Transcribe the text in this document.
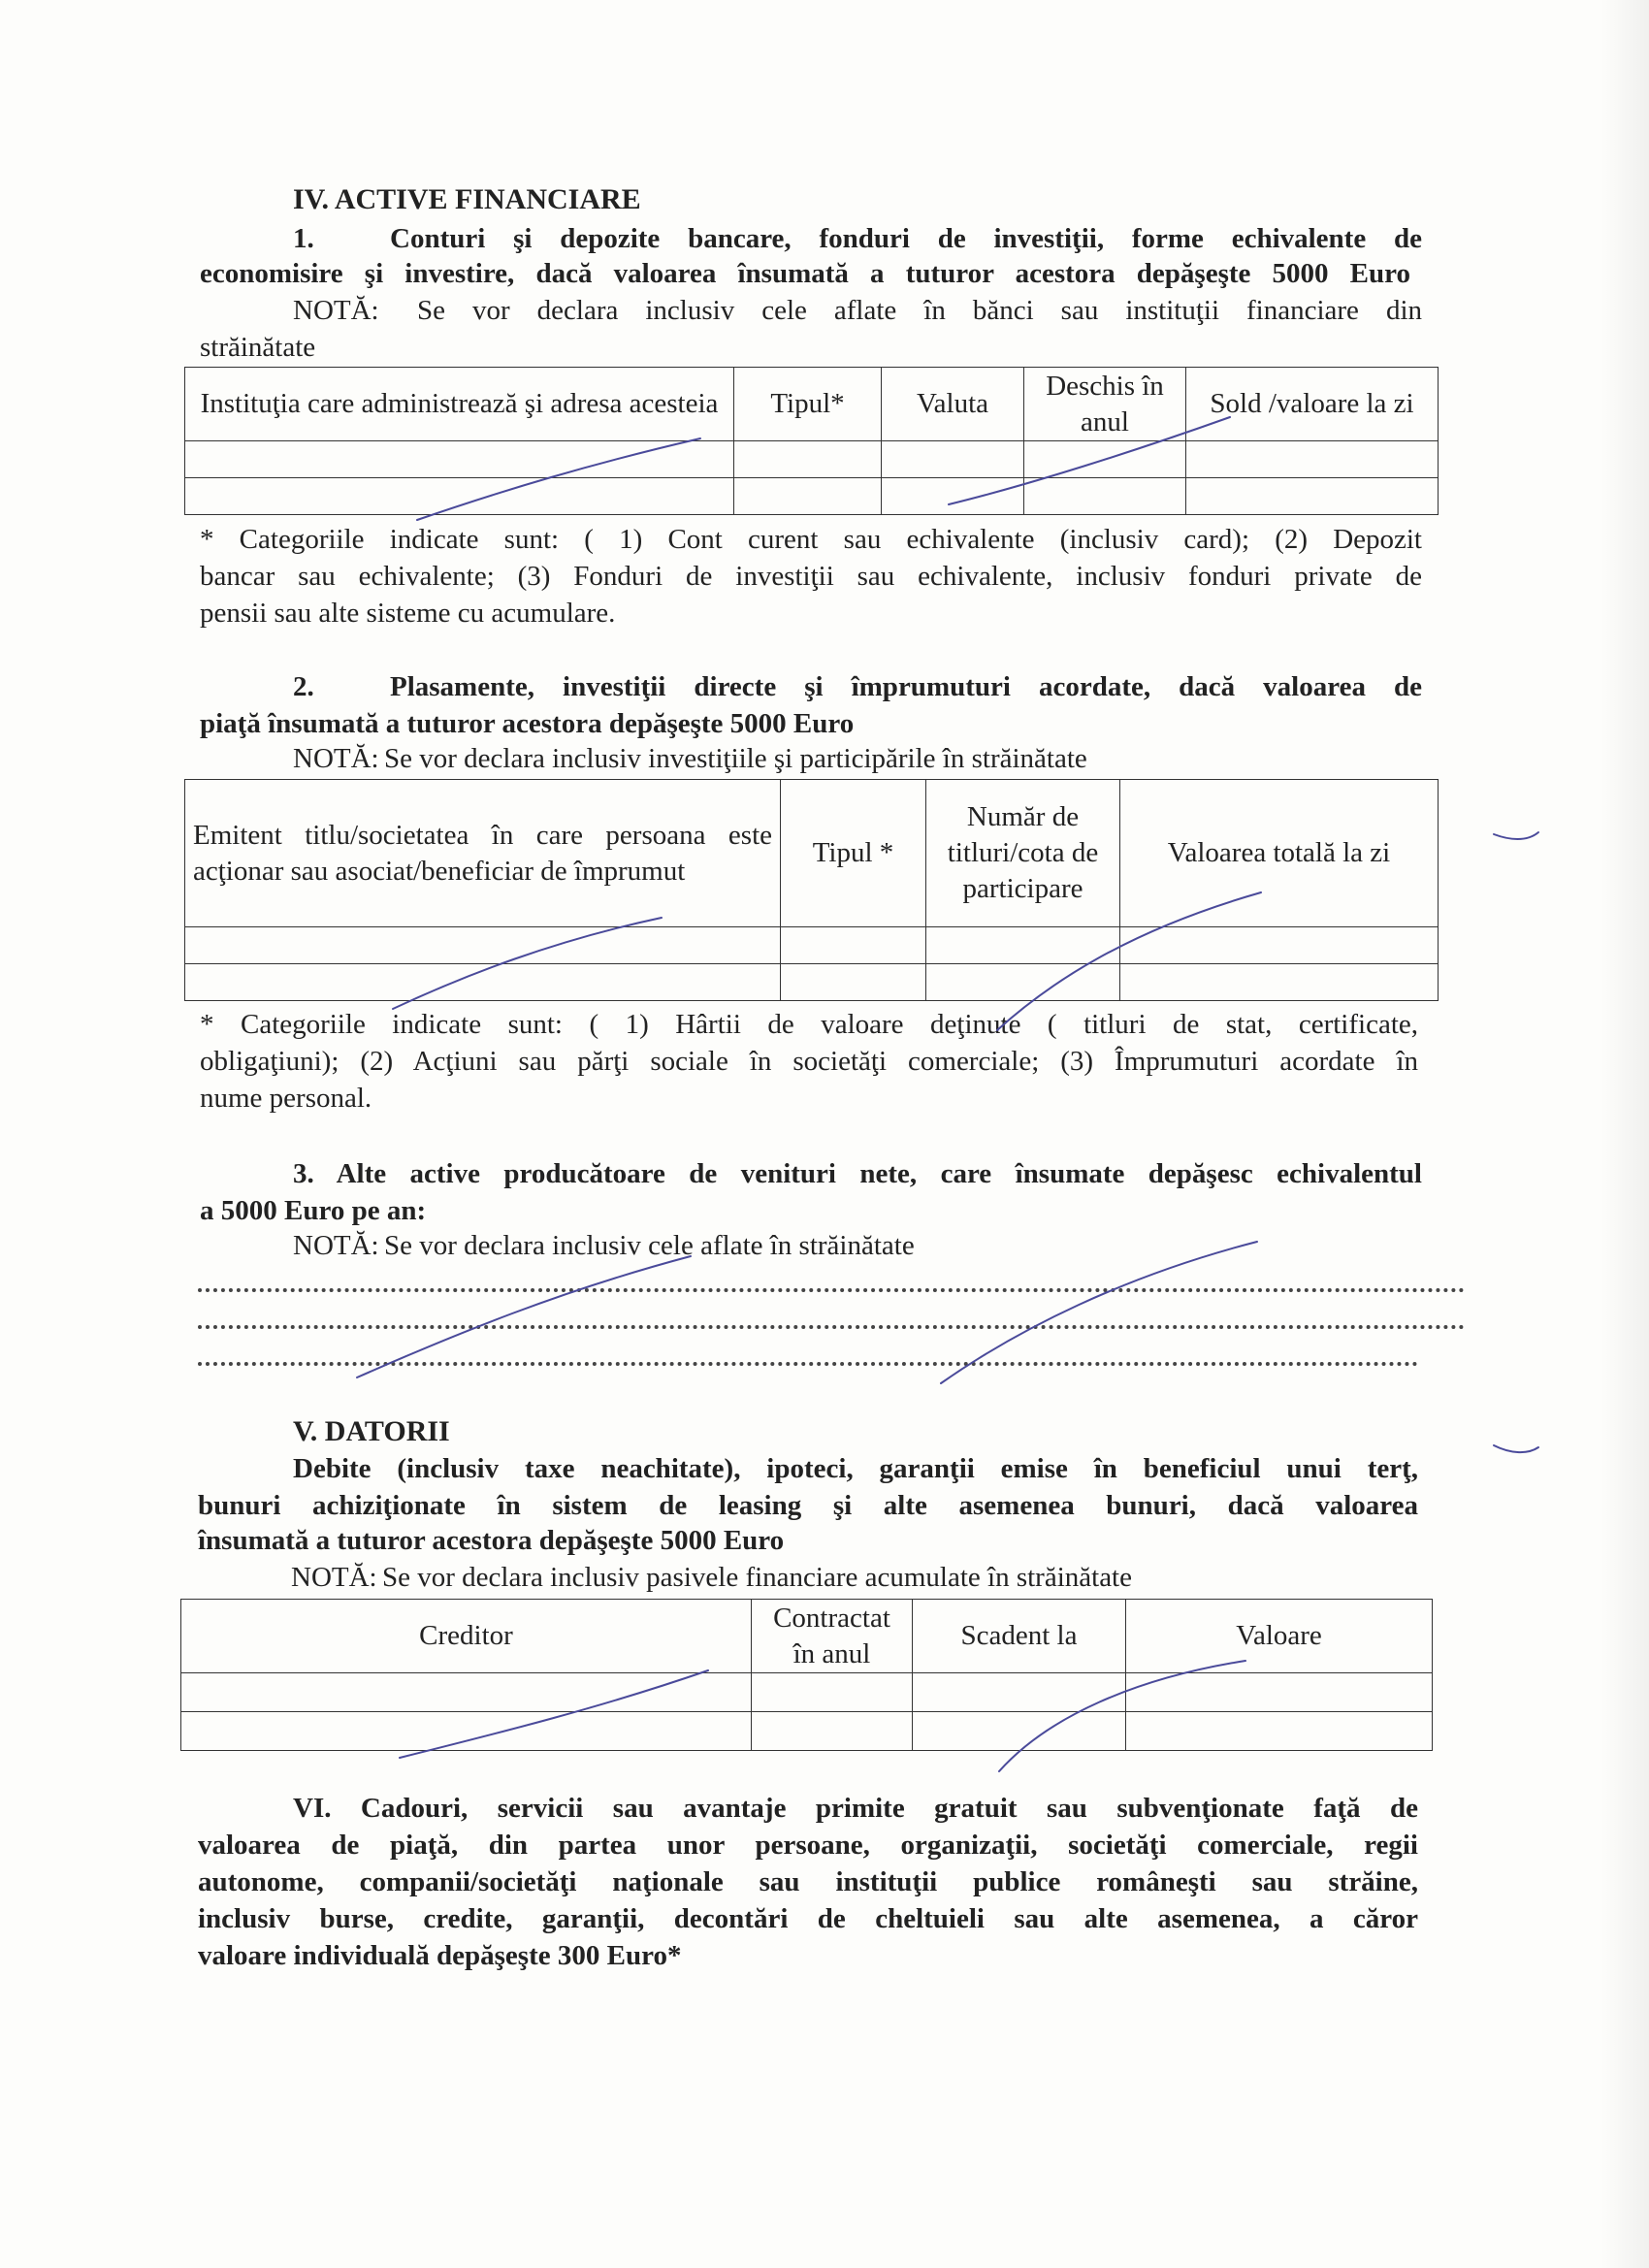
IV. ACTIVE FINANCIARE
1.	Conturi şi depozite bancare, fonduri de investiţii, forme echivalente de
economisire şi investire, dacă valoarea însumată a tuturor acestora depăşeşte 5000 Euro
NOTĂ: Se vor declara inclusiv cele aflate în bănci sau instituţii financiare din
străinătate
Instituţia care administrează şi adresa acesteia	Tipul*	Valuta	Deschis în anul	Sold /valoare la zi

* Categoriile indicate sunt: ( 1) Cont curent sau echivalente (inclusiv card); (2) Depozit
bancar sau echivalente; (3) Fonduri de investiţii sau echivalente, inclusiv fonduri private de
pensii sau alte sisteme cu acumulare.
2.	Plasamente, investiţii directe şi împrumuturi acordate, dacă valoarea de
piaţă însumată a tuturor acestora depăşeşte 5000 Euro
NOTĂ: Se vor declara inclusiv investiţiile şi participările în străinătate
Emitent titlu/societatea în care persoana este acţionar sau asociat/beneficiar de împrumut	Tipul *	Număr de titluri/cota de participare	Valoarea totală la zi

* Categoriile indicate sunt: ( 1) Hârtii de valoare deţinute ( titluri de stat, certificate,
obligaţiuni); (2) Acţiuni sau părţi sociale în societăţi comerciale; (3) Împrumuturi acordate în
nume personal.
3. Alte active producătoare de venituri nete, care însumate depăşesc echivalentul
a 5000 Euro pe an:
NOTĂ: Se vor declara inclusiv cele aflate în străinătate
V. DATORII
Debite (inclusiv taxe neachitate), ipoteci, garanţii emise în beneficiul unui terţ,
bunuri achiziţionate în sistem de leasing şi alte asemenea bunuri, dacă valoarea
însumată a tuturor acestora depăşeşte 5000 Euro
NOTĂ: Se vor declara inclusiv pasivele financiare acumulate în străinătate
Creditor	Contractat în anul	Scadent la	Valoare

VI. Cadouri, servicii sau avantaje primite gratuit sau subvenţionate faţă de
valoarea de piaţă, din partea unor persoane, organizaţii, societăţi comerciale, regii
autonome, companii/societăţi naţionale sau instituţii publice româneşti sau străine,
inclusiv burse, credite, garanţii, decontări de cheltuieli sau alte asemenea, a căror
valoare individuală depăşeşte 300 Euro*
